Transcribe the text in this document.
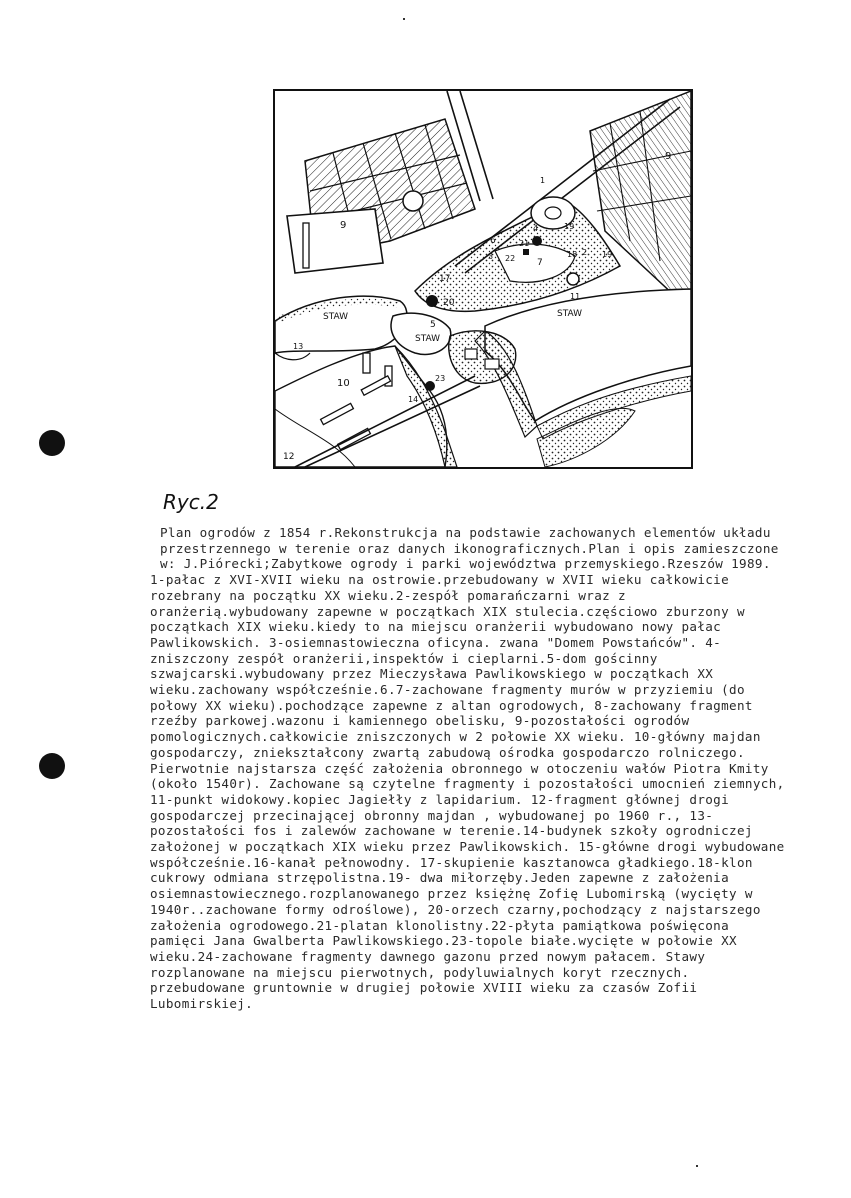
9
9
STAW
STAW
STAW
10
11
12
13
14
17
20
6
5
3 22
21
7
4	19
18 2 19
1
23
Ryc.2

Plan ogrodów z 1854 r.Rekonstrukcja na podstawie zachowanych elementów układu przestrzennego w terenie oraz danych ikonograficznych.Plan i opis zamieszczone w: J.Piórecki;Zabytkowe ogrody i parki województwa przemyskiego.Rzeszów 1989.

1-pałac z XVI-XVII wieku na ostrowie.przebudowany w XVII wieku całkowicie rozebrany na początku XX wieku.2-zespół pomarańczarni wraz z oranżerią.wybudowany zapewne w początkach XIX stulecia.częściowo zburzony w początkach XIX wieku.kiedy to na miejscu oranżerii wybudowano nowy pałac Pawlikowskich. 3-osiemnastowieczna oficyna. zwana "Domem Powstańców". 4-zniszczony zespół oranżerii,inspektów i cieplarni.5-dom gościnny szwajcarski.wybudowany przez Mieczysława Pawlikowskiego w początkach XX wieku.zachowany współcześnie.6.7-zachowane fragmenty murów w przyziemiu (do połowy XX wieku).pochodzące zapewne z altan ogrodowych, 8-zachowany fragment rzeźby parkowej.wazonu i kamiennego obelisku, 9-pozostałości ogrodów pomologicznych.całkowicie zniszczonych w 2 połowie XX wieku. 10-główny majdan gospodarczy, zniekształcony zwartą zabudową ośrodka gospodarczo rolniczego. Pierwotnie najstarsza część założenia obronnego w otoczeniu wałów Piotra Kmity (około 1540r). Zachowane są czytelne fragmenty i pozostałości umocnień ziemnych, 11-punkt widokowy.kopiec Jagiełły z lapidarium. 12-fragment głównej drogi gospodarczej przecinającej obronny majdan , wybudowanej po 1960 r., 13-pozostałości fos i zalewów zachowane w terenie.14-budynek szkoły ogrodniczej założonej w początkach XIX wieku przez Pawlikowskich. 15-główne drogi wybudowane współcześnie.16-kanał pełnowodny. 17-skupienie kasztanowca gładkiego.18-klon cukrowy odmiana strzępolistna.19- dwa miłorzęby.Jeden zapewne z założenia osiemnastowiecznego.rozplanowanego przez księżnę Zofię Lubomirską (wycięty w 1940r..zachowane formy odroślowe), 20-orzech czarny,pochodzący z najstarszego założenia ogrodowego.21-platan klonolistny.22-płyta pamiątkowa poświęcona pamięci Jana Gwalberta Pawlikowskiego.23-topole białe.wycięte w połowie XX wieku.24-zachowane fragmenty dawnego gazonu przed nowym pałacem. Stawy rozplanowane na miejscu pierwotnych, podyluwialnych koryt rzecznych. przebudowane gruntownie w drugiej połowie XVIII wieku za czasów Zofii Lubomirskiej.
